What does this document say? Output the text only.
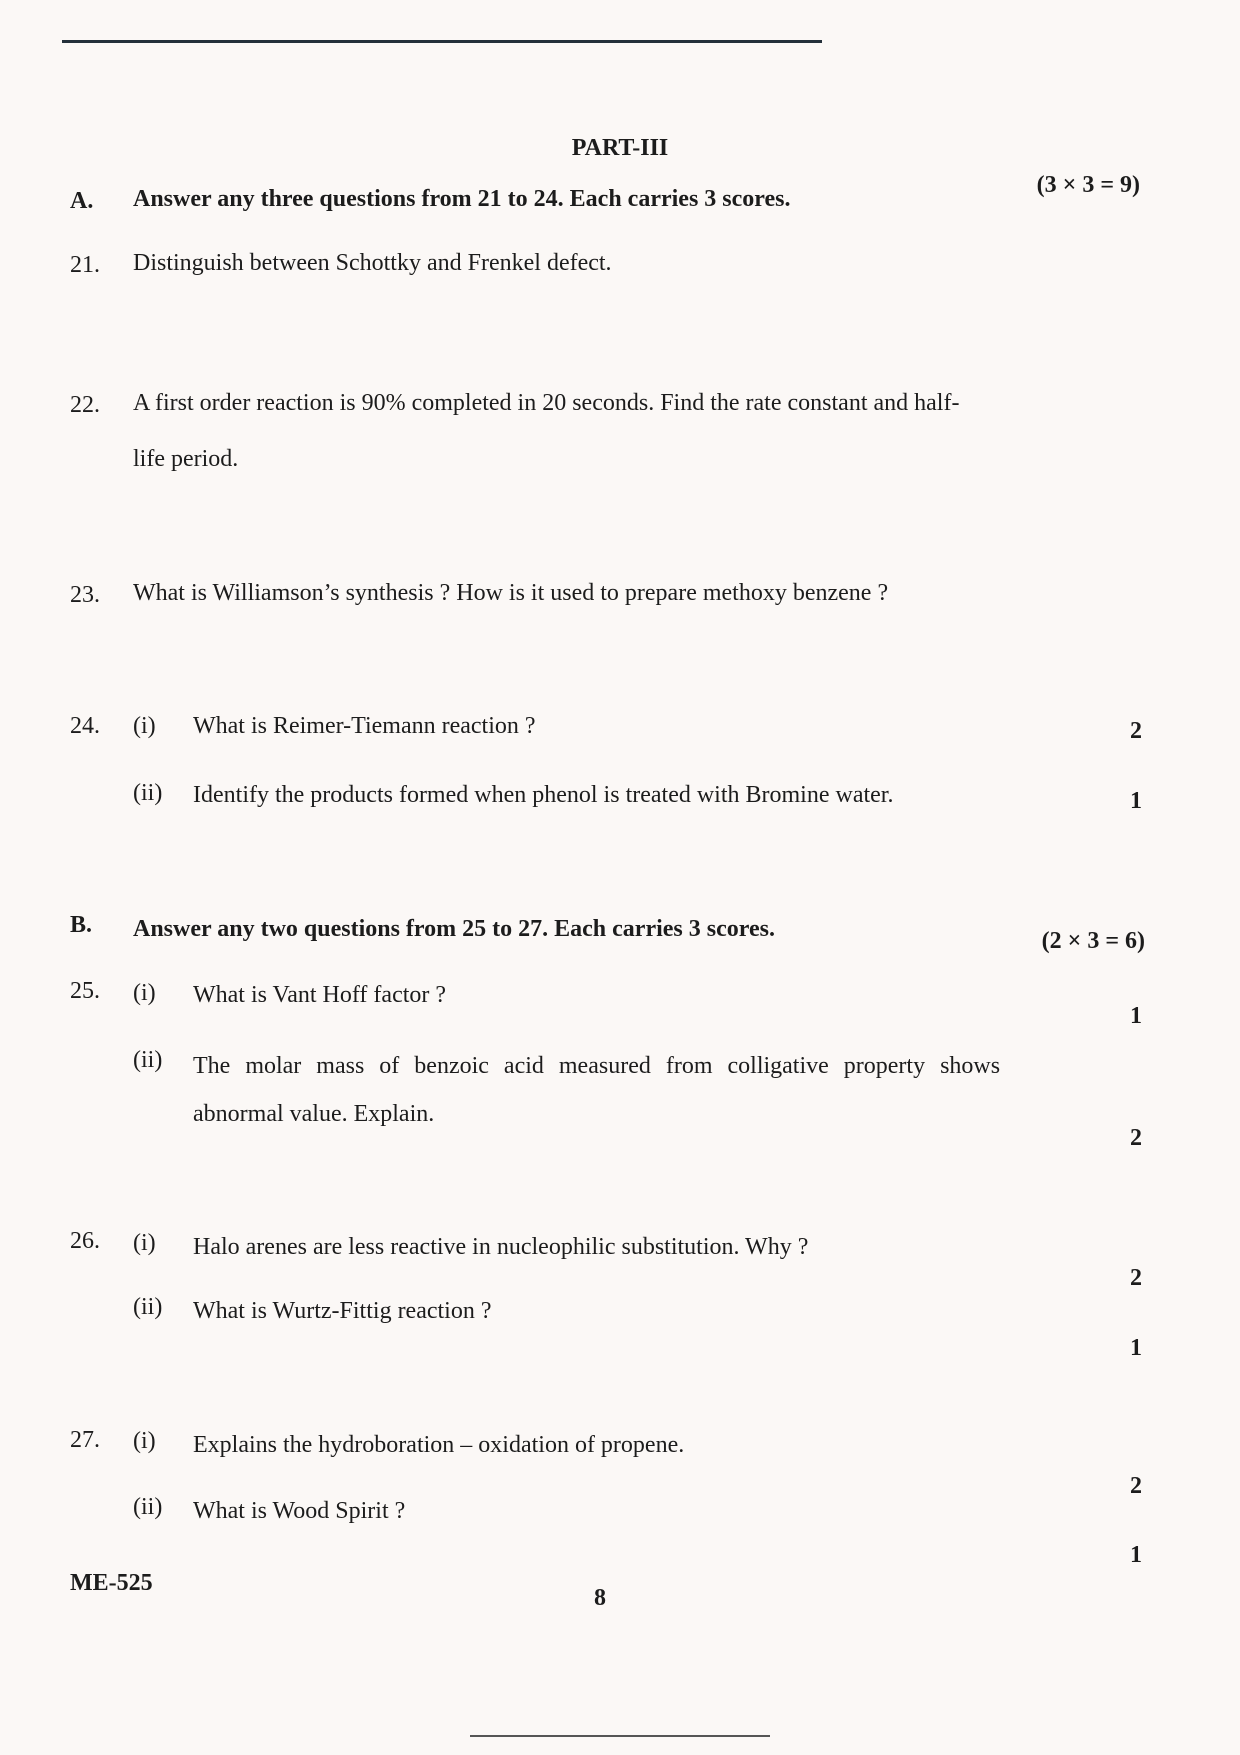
PART-III
A. Answer any three questions from 21 to 24. Each carries 3 scores.
(3 × 3 = 9)
21. Distinguish between Schottky and Frenkel defect.
22. A first order reaction is 90% completed in 20 seconds. Find the rate constant and half-
life period.
23. What is Williamson’s synthesis ? How is it used to prepare methoxy benzene ?
24. (i) What is Reimer-Tiemann reaction ?	2
(ii) Identify the products formed when phenol is treated with Bromine water.	1
B. Answer any two questions from 25 to 27. Each carries 3 scores.	(2 × 3 = 6)
25. (i) What is Vant Hoff factor ?
1
(ii) The molar mass of benzoic acid measured from colligative property shows
abnormal value. Explain.
2
26. (i) Halo arenes are less reactive in nucleophilic substitution. Why ?
2
(ii) What is Wurtz-Fittig reaction ?
1
27. (i) Explains the hydroboration – oxidation of propene.
2
(ii) What is Wood Spirit ?
1
ME-525
8
